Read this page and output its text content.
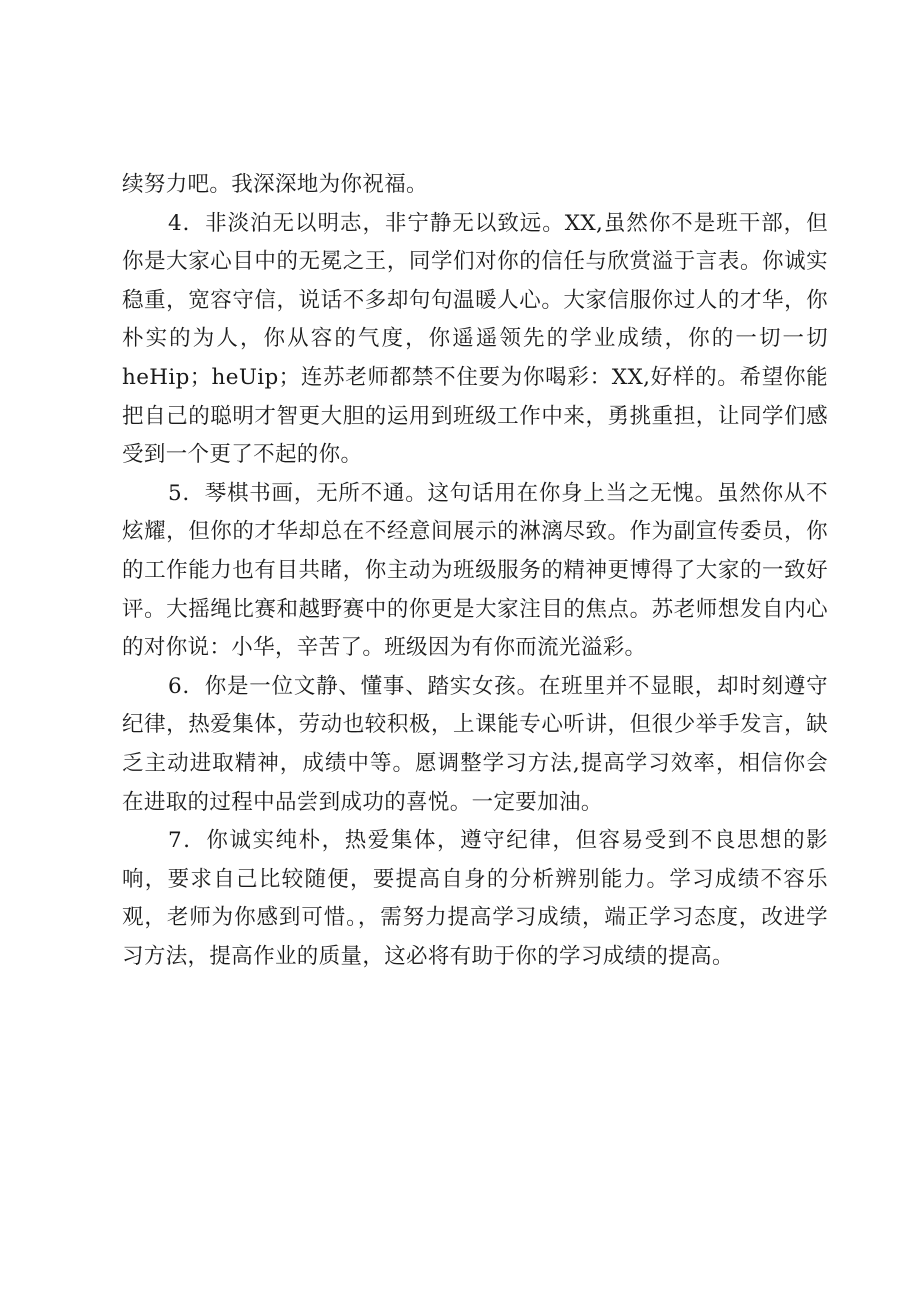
续努力吧。我深深地为你祝福。

4．非淡泊无以明志，非宁静无以致远。XX,虽然你不是班干部，但你是大家心目中的无冕之王，同学们对你的信任与欣赏溢于言表。你诚实稳重，宽容守信，说话不多却句句温暖人心。大家信服你过人的才华，你朴实的为人，你从容的气度，你遥遥领先的学业成绩，你的一切一切heHip；heUip；连苏老师都禁不住要为你喝彩：XX,好样的。希望你能把自己的聪明才智更大胆的运用到班级工作中来，勇挑重担，让同学们感受到一个更了不起的你。

5．琴棋书画，无所不通。这句话用在你身上当之无愧。虽然你从不炫耀，但你的才华却总在不经意间展示的淋漓尽致。作为副宣传委员，你的工作能力也有目共睹，你主动为班级服务的精神更博得了大家的一致好评。大摇绳比赛和越野赛中的你更是大家注目的焦点。苏老师想发自内心的对你说：小华，辛苦了。班级因为有你而流光溢彩。

6．你是一位文静、懂事、踏实女孩。在班里并不显眼，却时刻遵守纪律，热爱集体，劳动也较积极，上课能专心听讲，但很少举手发言，缺乏主动进取精神，成绩中等。愿调整学习方法,提高学习效率，相信你会在进取的过程中品尝到成功的喜悦。一定要加油。

7．你诚实纯朴，热爱集体，遵守纪律，但容易受到不良思想的影响，要求自己比较随便，要提高自身的分析辨别能力。学习成绩不容乐观，老师为你感到可惜。，需努力提高学习成绩，端正学习态度，改进学习方法，提高作业的质量，这必将有助于你的学习成绩的提高。
